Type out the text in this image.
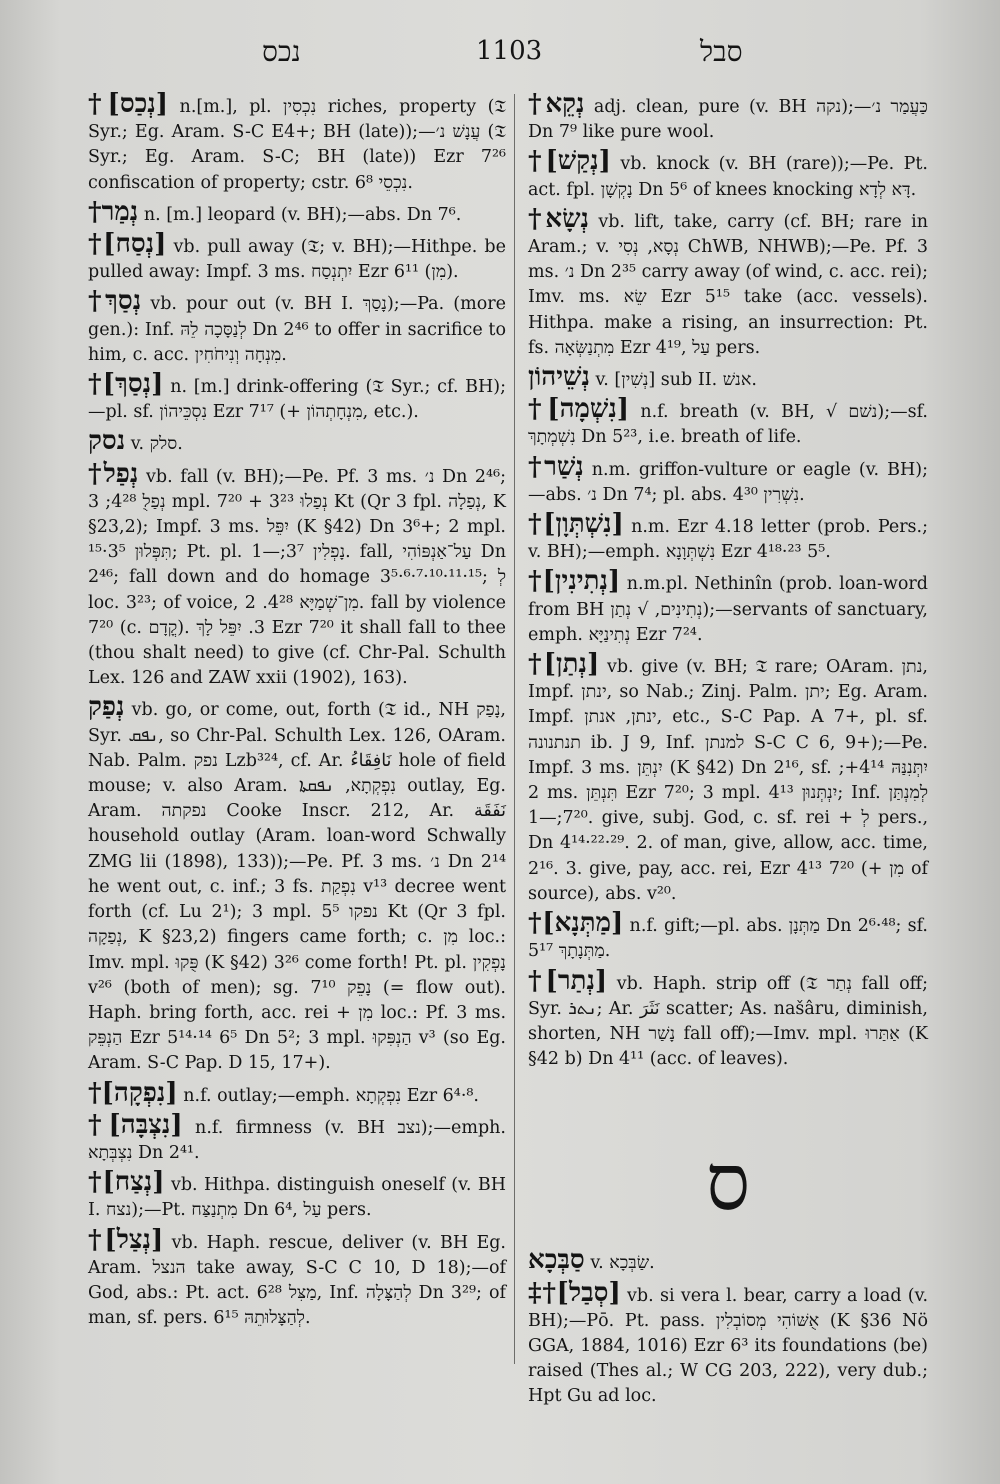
נכס	1103	סבל

†[נְכַס] n.[m.], pl. נִכְסִין riches, property (𝔗 Syr.; Eg. Aram. S-C E4+; BH (late));—עֲנָשׁ נ׳ (𝔗 Syr.; Eg. Aram. S-C; BH (late)) Ezr 7²⁶ confiscation of property; cstr. נִכְסֵי 6⁸.

†נְמַר n. [m.] leopard (v. BH);—abs. Dn 7⁶.

†[נְסַח] vb. pull away (𝔗; v. BH);—Hithpe. be pulled away: Impf. 3 ms. יִתְנְסַח Ezr 6¹¹ (מִן).

†נְסַךְ vb. pour out (v. BH I. נָסַךְ);—Pa. (more gen.): Inf. לְנַסָּכָה לֵהּ Dn 2⁴⁶ to offer in sacrifice to him, c. acc. מִנְחָה וְנִיחֹחִין.

†[נְסַךְ] n. [m.] drink-offering (𝔗 Syr.; cf. BH);—pl. sf. נִסְכֵּיהוֹן Ezr 7¹⁷ (+ מִנְחָתְהוֹן, etc.).

נסק v. סלק.

†נְפַל vb. fall (v. BH);—Pe. Pf. 3 ms. נ׳ Dn 2⁴⁶; נְפַלֻ 4²⁸; 3 mpl. נְפַלוּ 3²³ + 7²⁰ Kt (Qr 3 fpl. נְפַלָה, K §23,2); Impf. 3 ms. יִפֵּל (K §42) Dn 3⁶+; 2 mpl. תִּפְּלוּן 3⁵·¹⁵; Pt. pl. נָפְלִין 3⁷;—1. fall, עַל־אַנְפּוֹהִי Dn 2⁴⁶; fall down and do homage 3⁵·⁶·⁷·¹⁰·¹¹·¹⁵; לְ loc. 3²³; of voice, מִן־שְׁמַיָּא 4²⁸. 2. fall by violence 7²⁰ (c. קֳדָם). 3. יִפֵּל לָךְ Ezr 7²⁰ it shall fall to thee (thou shalt need) to give (cf. Chr-Pal. Schulth Lex. 126 and ZAW xxii (1902), 163).

נְפַק vb. go, or come, out, forth (𝔗 id., NH נָפַק, Syr. ܢܦܩ, so Chr-Pal. Schulth Lex. 126, OAram. Nab. Palm. נפק Lzb³²⁴, cf. Ar. نَافِقَاءُ hole of field mouse; v. also Aram. נִפְקְתָא, ܢܦܩܬܐ outlay, Eg. Aram. נפקתה Cooke Inscr. 212, Ar. نَفَقَة household outlay (Aram. loan-word Schwally ZMG lii (1898), 133));—Pe. Pf. 3 ms. נ׳ Dn 2¹⁴ he went out, c. inf.; 3 fs. נִפְקַת v¹³ decree went forth (cf. Lu 2¹); 3 mpl. נפקו 5⁵ Kt (Qr 3 fpl. נְפַקָה, K §23,2) fingers came forth; c. מִן loc.: Imv. mpl. פֻּקוּ (K §42) 3²⁶ come forth! Pt. pl. נָפְקִין v²⁶ (both of men); sg. נָפֵק 7¹⁰ (= flow out). Haph. bring forth, acc. rei + מִן loc.: Pf. 3 ms. הַנְפֵּק Ezr 5¹⁴·¹⁴ 6⁵ Dn 5²; 3 mpl. הַנְפִּקוּ v³ (so Eg. Aram. S-C Pap. D 15, 17+).

†[נִפְקָה] n.f. outlay;—emph. נִפְקְתָא Ezr 6⁴·⁸.

†[נִצְבָּה] n.f. firmness (v. BH נצב);—emph. נִצְבְּתָא Dn 2⁴¹.

†[נְצַח] vb. Hithpa. distinguish oneself (v. BH I. נצח);—Pt. מִתְנַצַּח Dn 6⁴, עַל pers.

†[נְצַל] vb. Haph. rescue, deliver (v. BH Eg. Aram. הנצל take away, S-C C 10, D 18);—of God, abs.: Pt. act. מַצִּל 6²⁸, Inf. לְהַצָּלָה Dn 3²⁹; of man, sf. pers. לְהַצָּלוּתֵהּ 6¹⁵.

†נְקֵא adj. clean, pure (v. BH נקה);—כַּעֲמַר נ׳ Dn 7⁹ like pure wool.

†[נְקַשׁ] vb. knock (v. BH (rare));—Pe. Pt. act. fpl. נָקְשָׁן Dn 5⁶ of knees knocking דָּא לְדָא.

†נְשָׂא vb. lift, take, carry (cf. BH; rare in Aram.; v. נְסָא, נְסִי ChWB, NHWB);—Pe. Pf. 3 ms. נ׳ Dn 2³⁵ carry away (of wind, c. acc. rei); Imv. ms. שֵׂא Ezr 5¹⁵ take (acc. vessels). Hithpa. make a rising, an insurrection: Pt. fs. מִתְנַשְּׂאָה Ezr 4¹⁹, עַל pers.

נְשֵׁיהוֹן v. [נְשִׁין] sub II. אנשׁ.

†[נִשְׁמָה] n.f. breath (v. BH, √ נשׁם);—sf. נִשְׁמְתָךְ Dn 5²³, i.e. breath of life.

†נְשַׁר n.m. griffon-vulture or eagle (v. BH);—abs. נ׳ Dn 7⁴; pl. abs. נִשְׁרִין 4³⁰.

†[נִשְׁתְּוָן] n.m. Ezr 4.18 letter (prob. Pers.; v. BH);—emph. נִשְׁתְּוָנָא Ezr 4¹⁸·²³ 5⁵.

†[נְתִינִין] n.m.pl. Nethinîn (prob. loan-word from BH נְתִינִים, √ נְתַן);—servants of sanctuary, emph. נְתִינַיָּא Ezr 7²⁴.

†[נְתַן] vb. give (v. BH; 𝔗 rare; OAram. נתן, Impf. ינתן, so Nab.; Zinj. Palm. יתן; Eg. Aram. Impf. ינתן, אנתן, etc., S-C Pap. A 7+, pl. sf. תנתנונה ib. J 9, Inf. למנתן S-C C 6, 9+);—Pe. Impf. 3 ms. יִנְתֵּן (K §42) Dn 2¹⁶, sf. יִתְּנִנַּהּ 4¹⁴+; 2 ms. תִּנְתֵּן Ezr 7²⁰; 3 mpl. יִנְתְּנוּן 4¹³; Inf. לְמִנְתַּן 7²⁰;—1. give, subj. God, c. sf. rei + לְ pers., Dn 4¹⁴·²²·²⁹. 2. of man, give, allow, acc. time, 2¹⁶. 3. give, pay, acc. rei, Ezr 4¹³ 7²⁰ (+ מִן of source), abs. v²⁰.

†[מַתְּנָא] n.f. gift;—pl. abs. מַתְּנָן Dn 2⁶·⁴⁸; sf. מַתְּנָתָךְ 5¹⁷.

†[נְתַר] vb. Haph. strip off (𝔗 נְתַר fall off; Syr. ܢܬܪ; Ar. نَثَرَ scatter; As. našâru, diminish, shorten, NH נָשַׁר fall off);—Imv. mpl. אַתַּרוּ (K §42 b) Dn 4¹¹ (acc. of leaves).

ס

סַבְּכָא v. שַׂבְּכָא.

‡†[סְבַל] vb. si vera l. bear, carry a load (v. BH);—Pō. Pt. pass. אֻשּׁוֹהִי מְסוֹבְלִין (K §36 Nö GGA, 1884, 1016) Ezr 6³ its foundations (be) raised (Thes al.; W CG 203, 222), very dub.; Hpt Gu ad loc.
